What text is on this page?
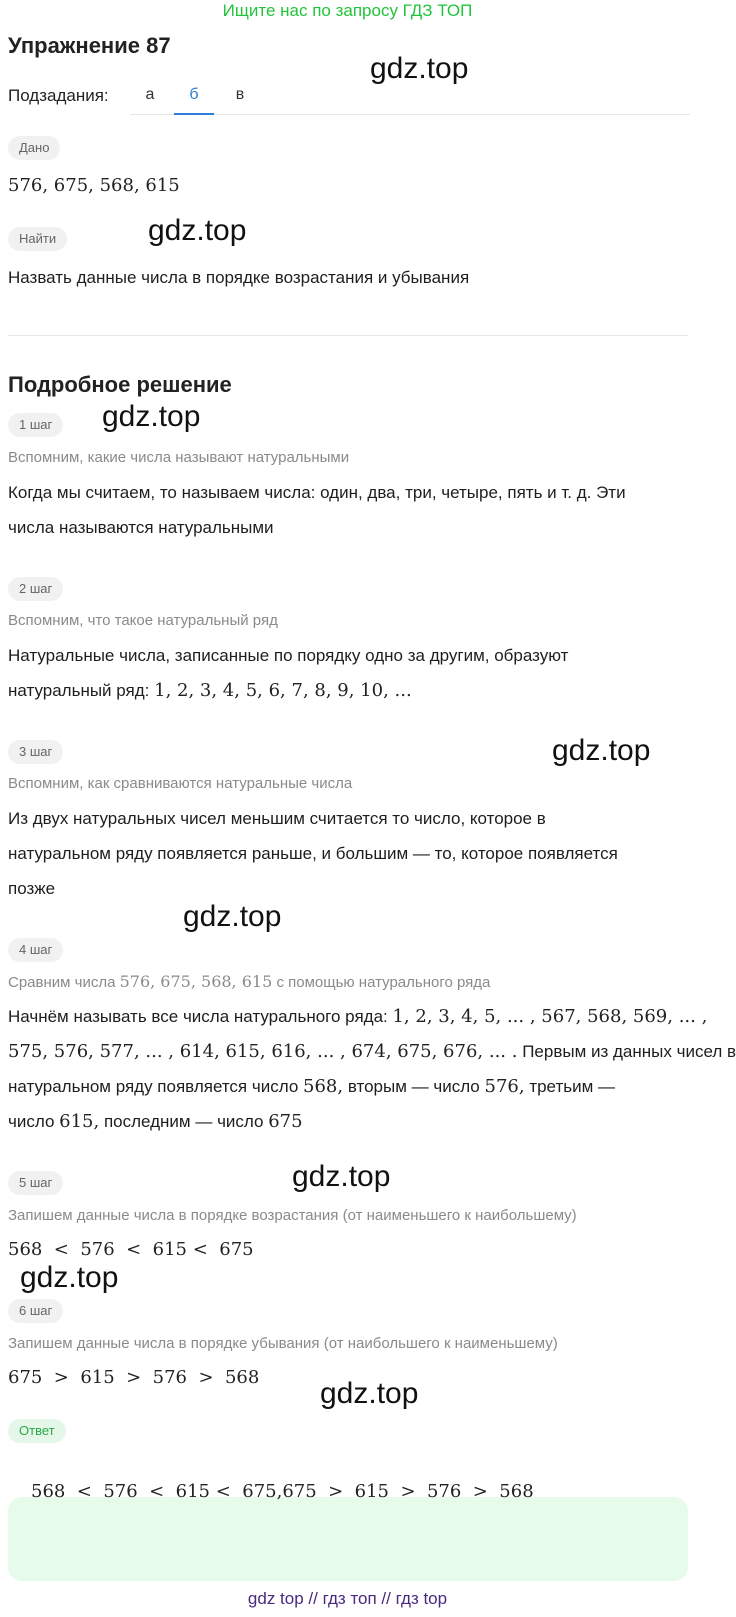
Ищите нас по запросу ГДЗ ТОП
Упражнение 87
gdz.top
Подзадания:	а	б	в
Дано
576, 675, 568, 615
Найти	gdz.top
Назвать данные числа в порядке возрастания и убывания
Подробное решение
1 шаг	gdz.top
Вспомним, какие числа называют натуральными
Когда мы считаем, то называем числа: один, два, три, четыре, пять и т. д. Эти
числа называются натуральными
2 шаг
Вспомним, что такое натуральный ряд
Натуральные числа, записанные по порядку одно за другим, образуют
натуральный ряд: 1, 2, 3, 4, 5, 6, 7, 8, 9, 10, ...
3 шаг	gdz.top
Вспомним, как сравниваются натуральные числа
Из двух натуральных чисел меньшим считается то число, которое в
натуральном ряду появляется раньше, и большим — то, которое появляется
позже
gdz.top
4 шаг
Сравним числа 576, 675, 568, 615 с помощью натурального ряда
Начнём называть все числа натурального ряда: 1, 2, 3, 4, 5, ... , 567, 568, 569, ... ,
575, 576, 577, ... , 614, 615, 616, ... , 674, 675, 676, ... . Первым из данных чисел в
натуральном ряду появляется число 568, вторым — число 576, третьим —
число 615, последним — число 675
gdz.top
5 шаг
Запишем данные числа в порядке возрастания (от наименьшего к наибольшему)
568  <  576  <  615 <  675
gdz.top
6 шаг
Запишем данные числа в порядке убывания (от наибольшего к наименьшему)
675  >  615  >  576  >  568 gdz.top
Ответ
568  <  576  <  615 <  675,675  >  615  >  576  >  568
gdz top // гдз топ // гдз top
